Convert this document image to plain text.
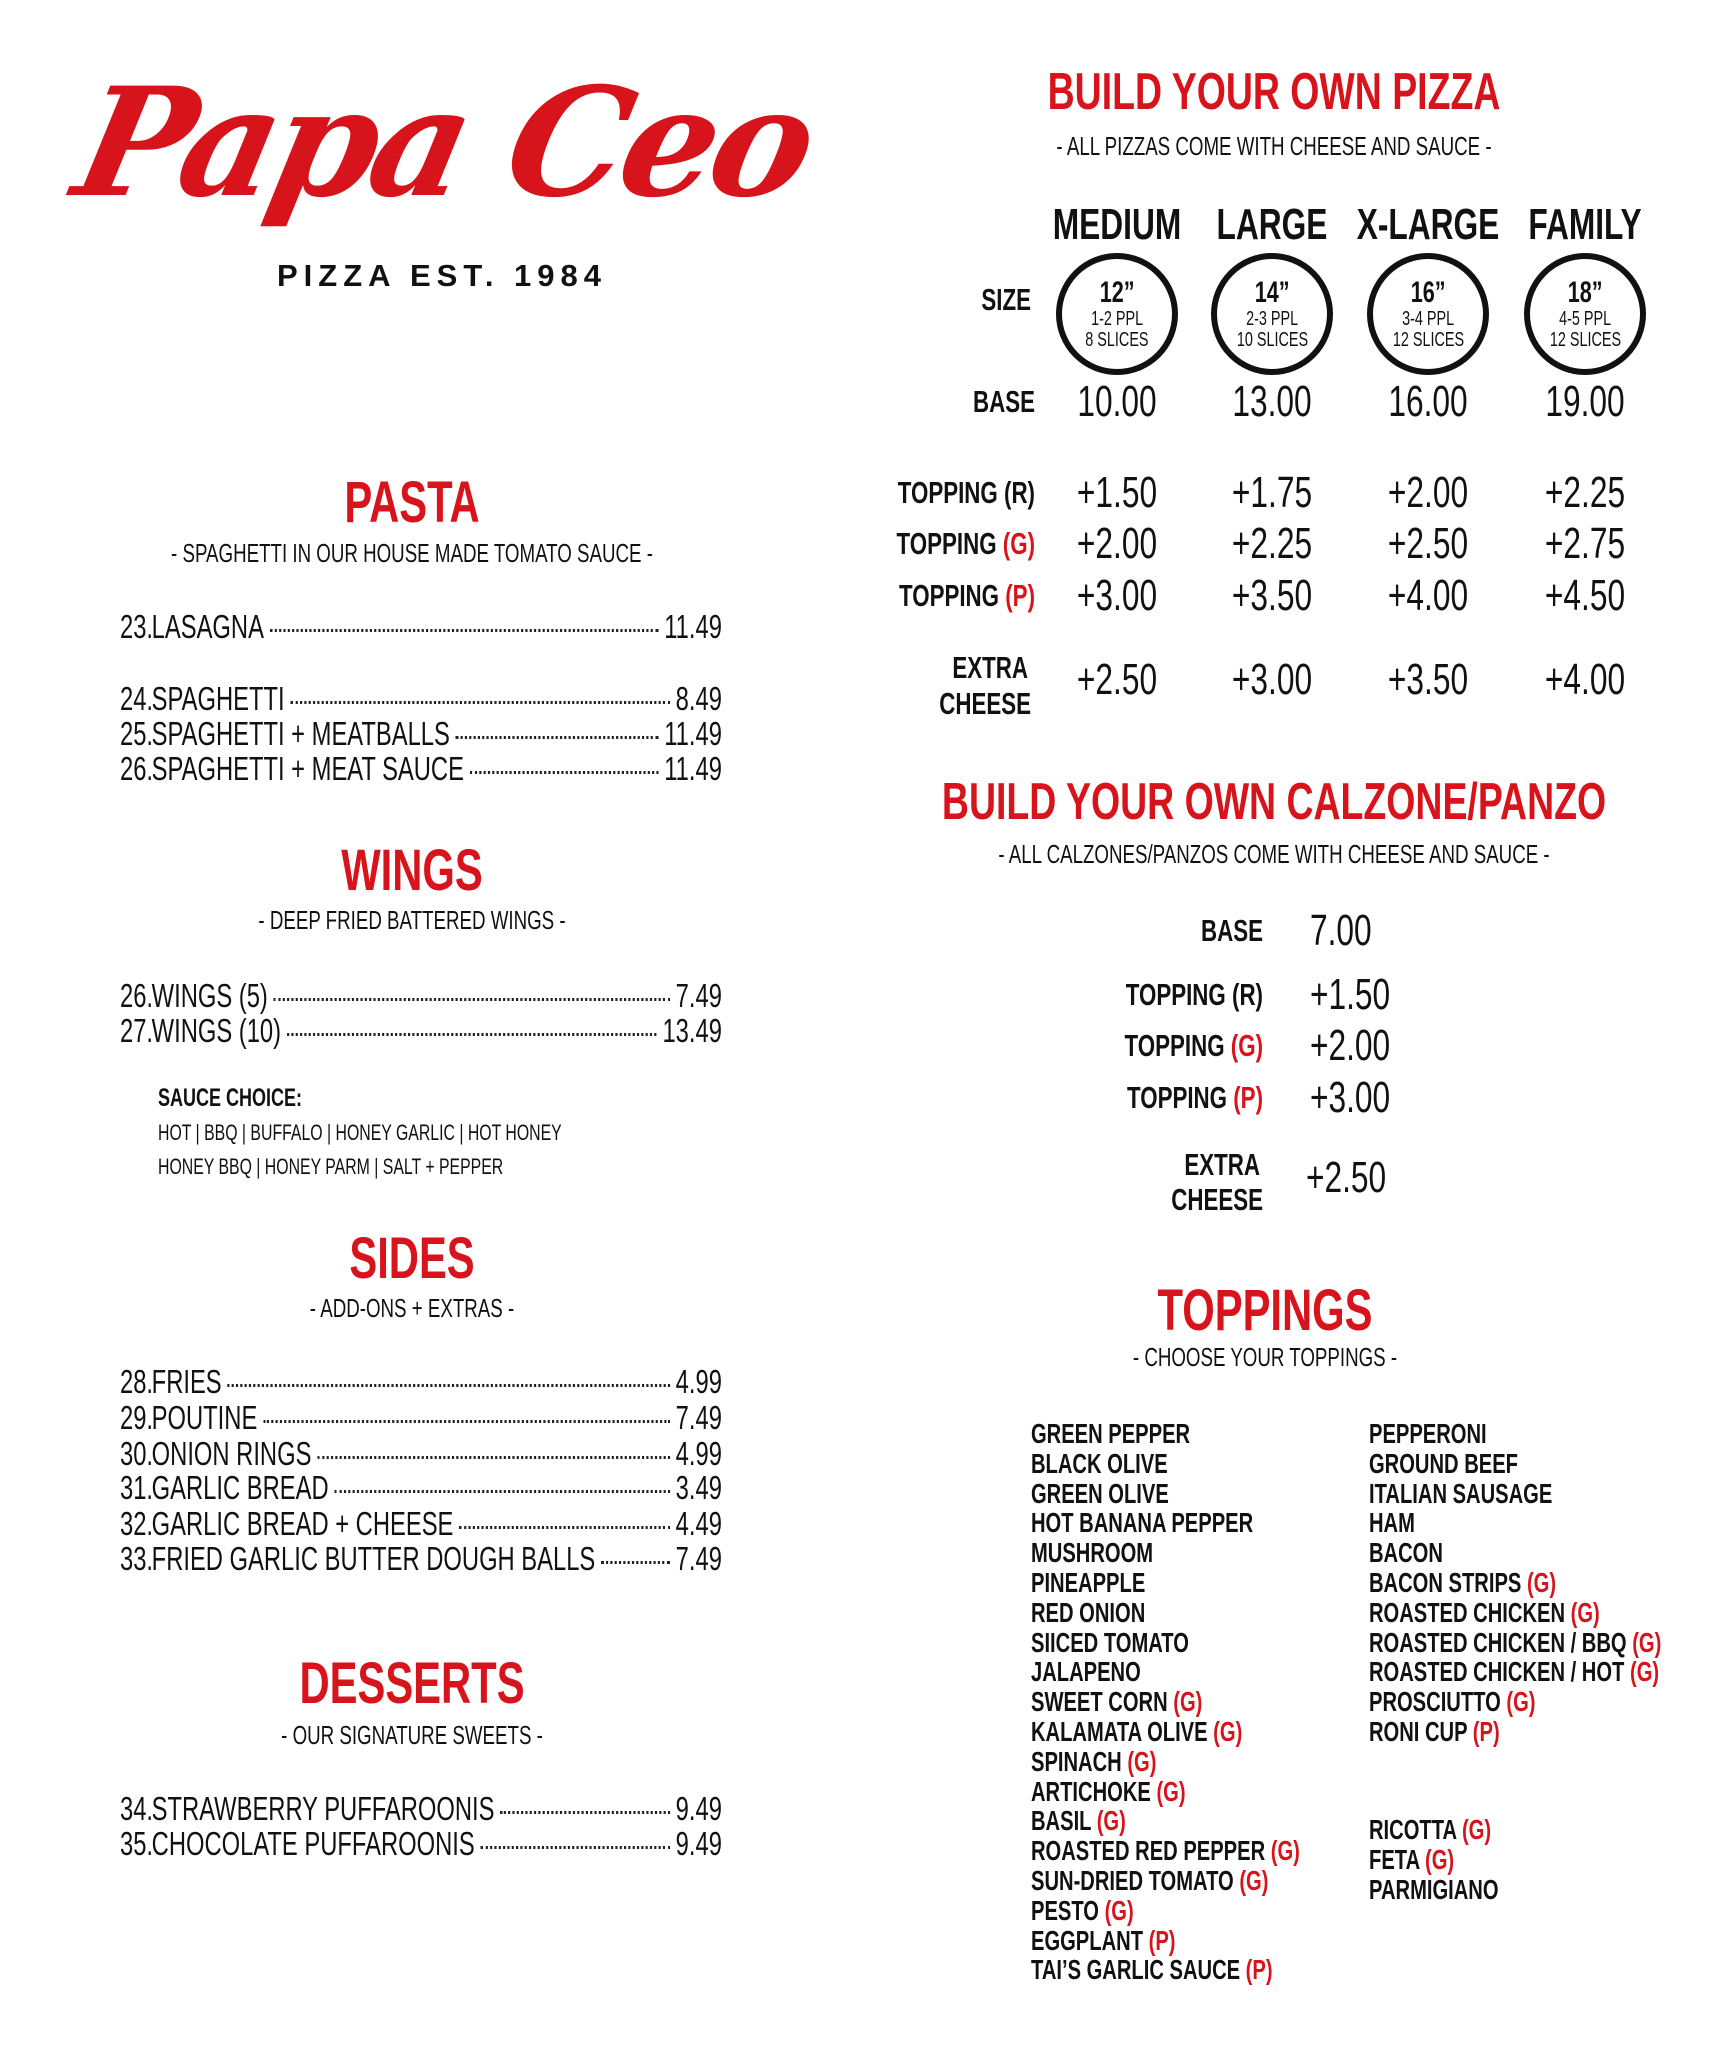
Papa Ceo
PIZZA EST. 1984
PASTA
- SPAGHETTI IN OUR HOUSE MADE TOMATO SAUCE -
23.
LASAGNA	11.49
24.
SPAGHETTI	8.49
25.
SPAGHETTI + MEATBALLS	11.49
26.
SPAGHETTI + MEAT SAUCE	11.49
WINGS
- DEEP FRIED BATTERED WINGS -
26.
WINGS (5)	7.49
27.
WINGS (10)	13.49
SIDES
- ADD-ONS + EXTRAS -
28.
FRIES	4.99
29.
POUTINE	7.49
30.
ONION RINGS	4.99
31.
GARLIC BREAD	3.49
32.
GARLIC BREAD + CHEESE	4.49
33.
FRIED GARLIC BUTTER DOUGH BALLS 7.49
DESSERTS
- OUR SIGNATURE SWEETS -
34.
STRAWBERRY PUFFAROONIS	9.49
35.
CHOCOLATE PUFFAROONIS	9.49
SAUCE CHOICE:
HOT | BBQ | BUFFALO | HONEY GARLIC | HOT HONEY
HONEY BBQ | HONEY PARM | SALT + PEPPER
BUILD YOUR OWN PIZZA
- ALL PIZZAS COME WITH CHEESE AND SAUCE -
SIZE
MEDIUM
12”
1-2 PPL
8 SLICES
LARGE
14”
2-3 PPL
10 SLICES
X-LARGE
16”
3-4 PPL
12 SLICES
FAMILY
18”
4-5 PPL
12 SLICES
BASE 10.00 13.00 16.00 19.00
TOPPING (R) +1.50 +1.75 +2.00 +2.25
TOPPING (G) +2.00 +2.25 +2.50 +2.75
TOPPING (P) +3.00 +3.50 +4.00 +4.50
EXTRA
CHEESE +2.50 +3.00 +3.50 +4.00
BUILD YOUR OWN CALZONE/PANZO
- ALL CALZONES/PANZOS COME WITH CHEESE AND SAUCE -
BASE 7.00
TOPPING (R) +1.50
TOPPING (G) +2.00
TOPPING (P) +3.00
EXTRA
CHEESE +2.50
TOPPINGS
- CHOOSE YOUR TOPPINGS -
GREEN PEPPER
BLACK OLIVE
GREEN OLIVE
HOT BANANA PEPPER
MUSHROOM
PINEAPPLE
RED ONION
SIICED TOMATO
JALAPENO
SWEET CORN (G)
KALAMATA OLIVE (G)
SPINACH (G)
ARTICHOKE (G)
BASIL (G)
ROASTED RED PEPPER (G)
SUN-DRIED TOMATO (G)
PESTO (G)
EGGPLANT (P)
TAI’S GARLIC SAUCE (P)
PEPPERONI
GROUND BEEF
ITALIAN SAUSAGE
HAM
BACON
BACON STRIPS (G)
ROASTED CHICKEN (G)
ROASTED CHICKEN / BBQ (G)
ROASTED CHICKEN / HOT (G)
PROSCIUTTO (G)
RONI CUP (P)
RICOTTA (G)
FETA (G)
PARMIGIANO
